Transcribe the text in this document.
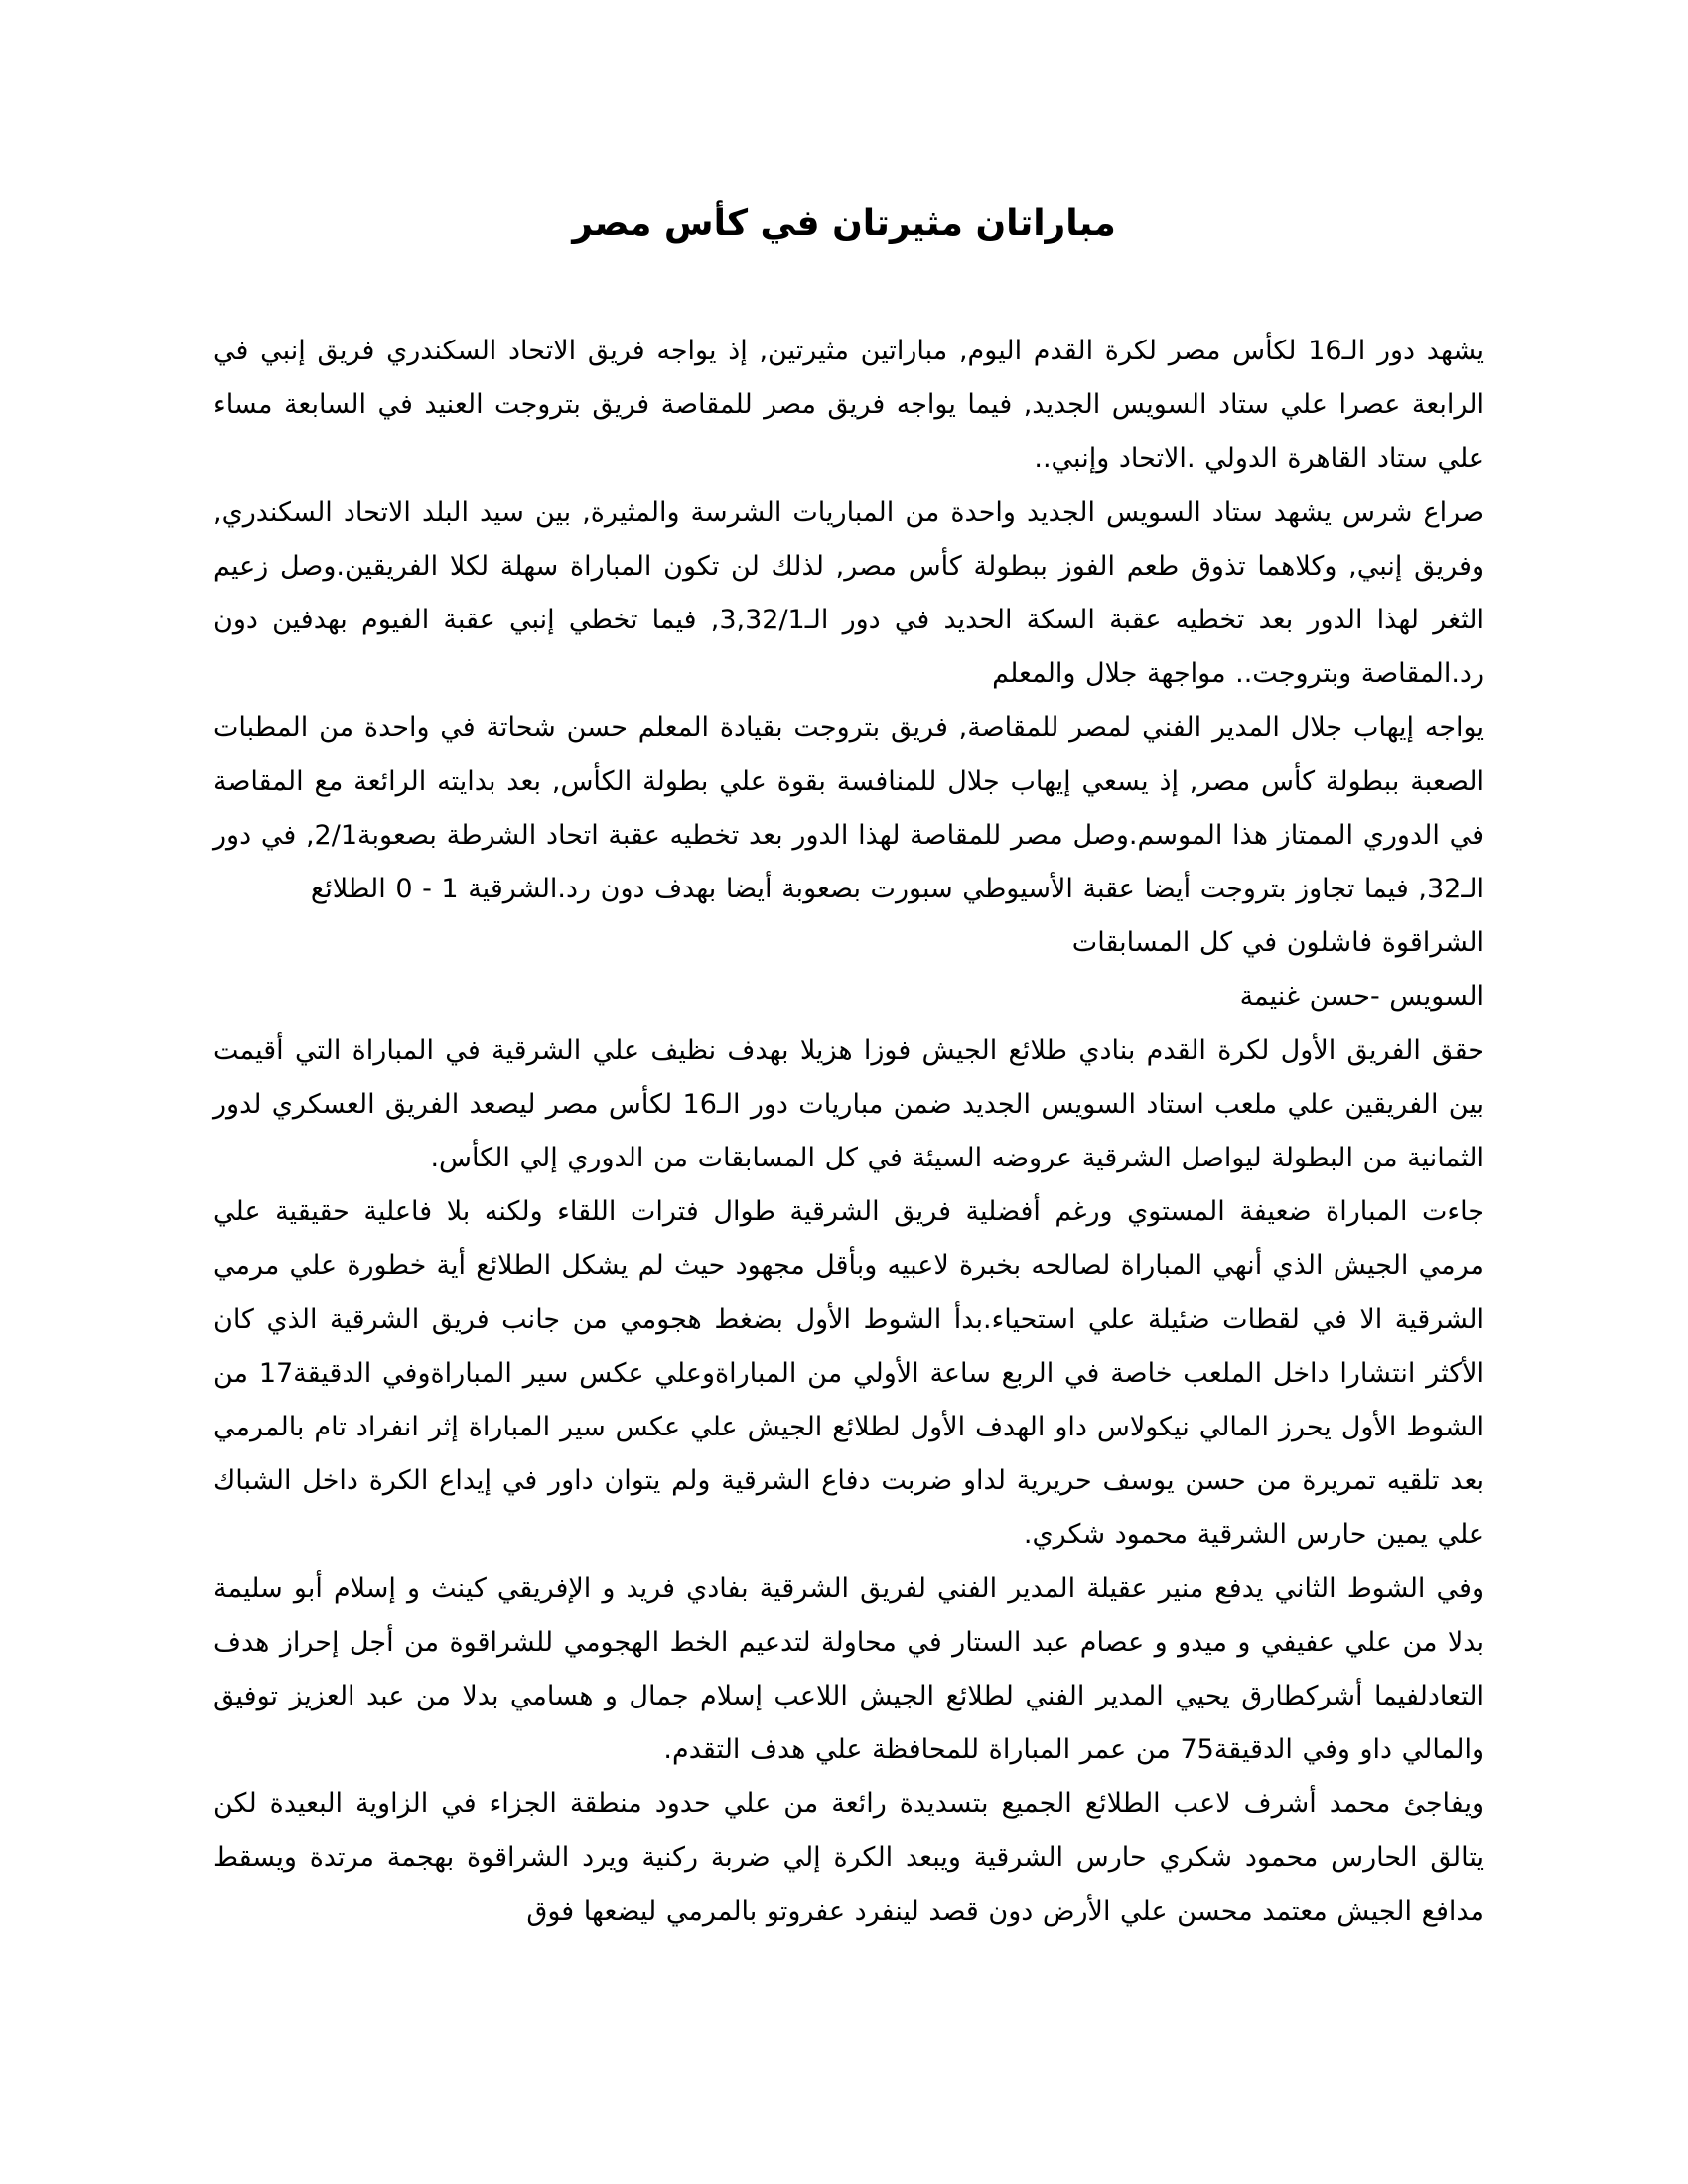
مباراتان مثيرتان في كأس مصر

يشهد دور الـ16 لكأس مصر لكرة القدم اليوم, مباراتين مثيرتين, إذ يواجه فريق الاتحاد السكندري فريق إنبي في الرابعة عصرا علي ستاد السويس الجديد, فيما يواجه فريق مصر للمقاصة فريق بتروجت العنيد في السابعة مساء علي ستاد القاهرة الدولي .الاتحاد وإنبي..

صراع شرس يشهد ستاد السويس الجديد واحدة من المباريات الشرسة والمثيرة, بين سيد البلد الاتحاد السكندري, وفريق إنبي, وكلاهما تذوق طعم الفوز ببطولة كأس مصر, لذلك لن تكون المباراة سهلة لكلا الفريقين.وصل زعيم الثغر لهذا الدور بعد تخطيه عقبة السكة الحديد في دور الـ3,32/1, فيما تخطي إنبي عقبة الفيوم بهدفين دون رد.المقاصة وبتروجت.. مواجهة جلال والمعلم

يواجه إيهاب جلال المدير الفني لمصر للمقاصة, فريق بتروجت بقيادة المعلم حسن شحاتة في واحدة من المطبات الصعبة ببطولة كأس مصر, إذ يسعي إيهاب جلال للمنافسة بقوة علي بطولة الكأس, بعد بدايته الرائعة مع المقاصة في الدوري الممتاز هذا الموسم.وصل مصر للمقاصة لهذا الدور بعد تخطيه عقبة اتحاد الشرطة بصعوبة2/1, في دور الـ32, فيما تجاوز بتروجت أيضا عقبة الأسيوطي سبورت بصعوبة أيضا بهدف دون رد.الشرقية 1 - 0 الطلائع

الشراقوة فاشلون في كل المسابقات

السويس -حسن غنيمة

حقق الفريق الأول لكرة القدم بنادي طلائع الجيش فوزا هزيلا بهدف نظيف علي الشرقية في المباراة التي أقيمت بين الفريقين علي ملعب استاد السويس الجديد ضمن مباريات دور الـ16 لكأس مصر ليصعد الفريق العسكري لدور الثمانية من البطولة ليواصل الشرقية عروضه السيئة في كل المسابقات من الدوري إلي الكأس.

جاءت المباراة ضعيفة المستوي ورغم أفضلية فريق الشرقية طوال فترات اللقاء ولكنه بلا فاعلية حقيقية علي مرمي الجيش الذي أنهي المباراة لصالحه بخبرة لاعبيه وبأقل مجهود حيث لم يشكل الطلائع أية خطورة علي مرمي الشرقية الا في لقطات ضئيلة علي استحياء.بدأ الشوط الأول بضغط هجومي من جانب فريق الشرقية الذي كان الأكثر انتشارا داخل الملعب خاصة في الربع ساعة الأولي من المباراةوعلي عكس سير المباراةوفي الدقيقة17 من الشوط الأول يحرز المالي نيكولاس داو الهدف الأول لطلائع الجيش علي عكس سير المباراة إثر انفراد تام بالمرمي بعد تلقيه تمريرة من حسن يوسف حريرية لداو ضربت دفاع الشرقية ولم يتوان داور في إيداع الكرة داخل الشباك علي يمين حارس الشرقية محمود شكري.

وفي الشوط الثاني يدفع منير عقيلة المدير الفني لفريق الشرقية بفادي فريد و الإفريقي كينث و إسلام أبو سليمة بدلا من علي عفيفي و ميدو و عصام عبد الستار في محاولة لتدعيم الخط الهجومي للشراقوة من أجل إحراز هدف التعادلفيما أشركطارق يحيي المدير الفني لطلائع الجيش اللاعب إسلام جمال و هسامي بدلا من عبد العزيز توفيق والمالي داو وفي الدقيقة75 من عمر المباراة للمحافظة علي هدف التقدم.

ويفاجئ محمد أشرف لاعب الطلائع الجميع بتسديدة رائعة من علي حدود منطقة الجزاء في الزاوية البعيدة لكن يتالق الحارس محمود شكري حارس الشرقية ويبعد الكرة إلي ضربة ركنية ويرد الشراقوة بهجمة مرتدة ويسقط مدافع الجيش معتمد محسن علي الأرض دون قصد لينفرد عفروتو بالمرمي ليضعها فوق
